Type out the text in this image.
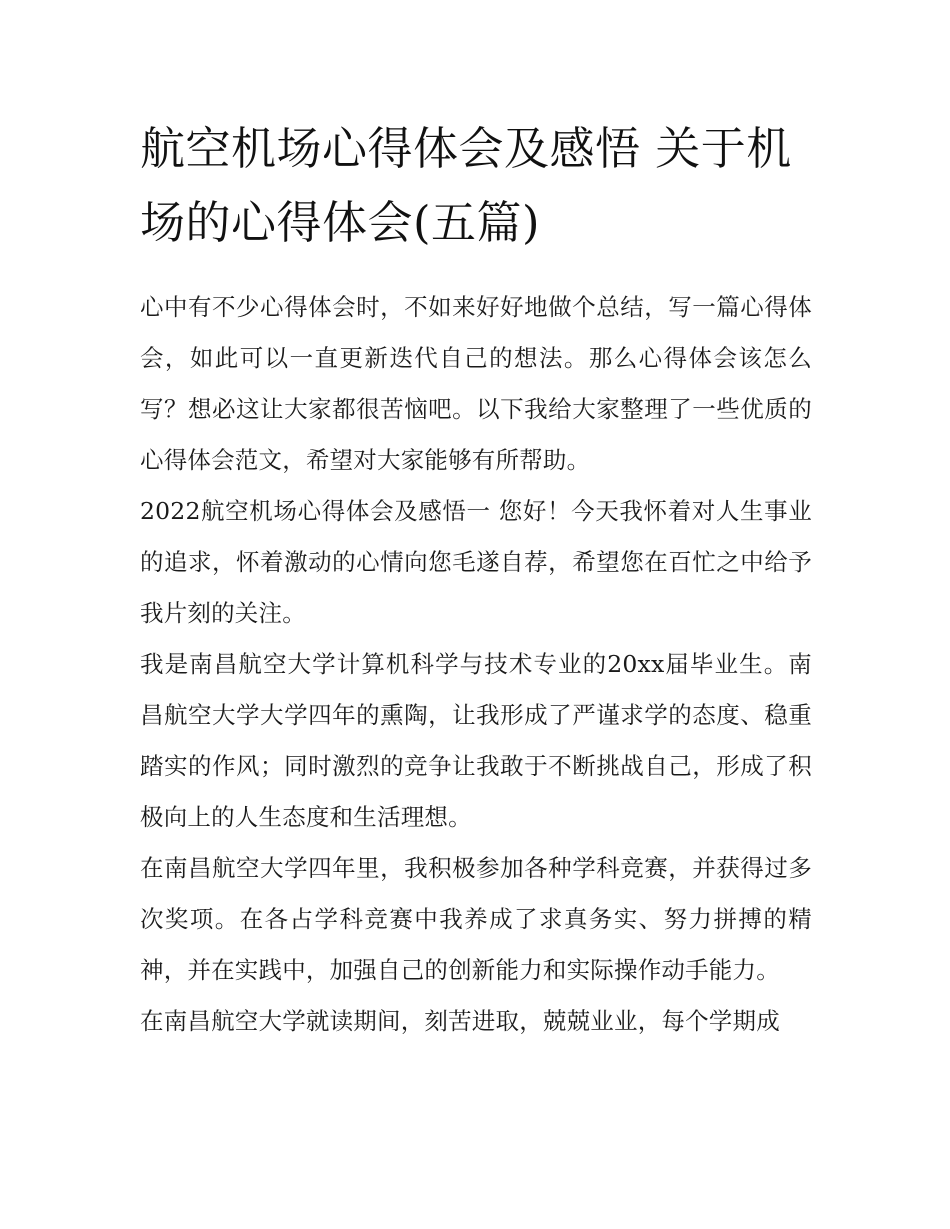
航空机场心得体会及感悟 关于机场的心得体会(五篇)

心中有不少心得体会时，不如来好好地做个总结，写一篇心得体会，如此可以一直更新迭代自己的想法。那么心得体会该怎么写？想必这让大家都很苦恼吧。以下我给大家整理了一些优质的心得体会范文，希望对大家能够有所帮助。

2022航空机场心得体会及感悟一 您好！今天我怀着对人生事业的追求，怀着激动的心情向您毛遂自荐，希望您在百忙之中给予我片刻的关注。

我是南昌航空大学计算机科学与技术专业的20xx届毕业生。南昌航空大学大学四年的熏陶，让我形成了严谨求学的态度、稳重踏实的作风；同时激烈的竞争让我敢于不断挑战自己，形成了积极向上的人生态度和生活理想。

在南昌航空大学四年里，我积极参加各种学科竞赛，并获得过多次奖项。在各占学科竞赛中我养成了求真务实、努力拼搏的精神，并在实践中，加强自己的创新能力和实际操作动手能力。

在南昌航空大学就读期间，刻苦进取，兢兢业业，每个学期成
